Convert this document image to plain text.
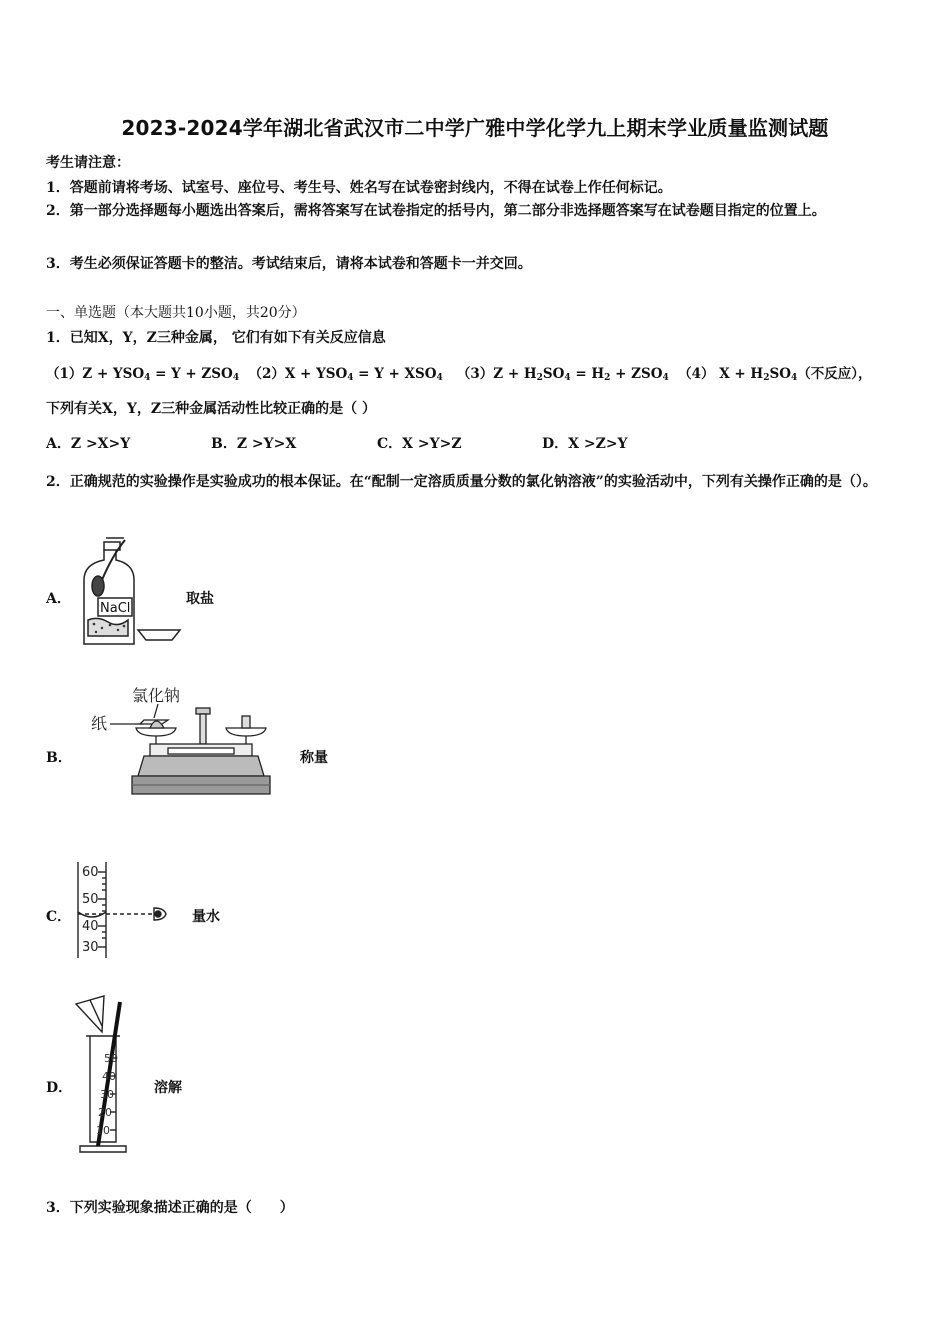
2023-2024学年湖北省武汉市二中学广雅中学化学九上期末学业质量监测试题
考生请注意：
1．答题前请将考场、试室号、座位号、考生号、姓名写在试卷密封线内，不得在试卷上作任何标记。
2．第一部分选择题每小题选出答案后，需将答案写在试卷指定的括号内，第二部分非选择题答案写在试卷题目指定的位置上。
3．考生必须保证答题卡的整洁。考试结束后，请将本试卷和答题卡一并交回。
一、单选题（本大题共10小题，共20分）
1．已知X，Y，Z三种金属， 它们有如下有关反应信息
$(1)Z + YSO_4 = Y + ZSO_4$ $(2)X + YSO_4 = Y + XSO_4$ $(3)Z + H_2SO_4 = H_2 + ZSO_4$ （4） $X + H_2SO_4$（不反应），
下列有关X，Y，Z三种金属活动性比较正确的是（ ）
A．Z >X>Y	B．Z >Y>X	C．X >Y>Z	D．X >Z>Y
2．正确规范的实验操作是实验成功的根本保证。在“配制一定溶质质量分数的氯化钠溶液”的实验活动中，下列有关操作正确的是（）。
A．	取盐
NaCl
B．	称量
氯化钠
纸
C．	量水
60
50
40
30
D．	溶解
50
40
30
20
10
3．下列实验现象描述正确的是（　　）
